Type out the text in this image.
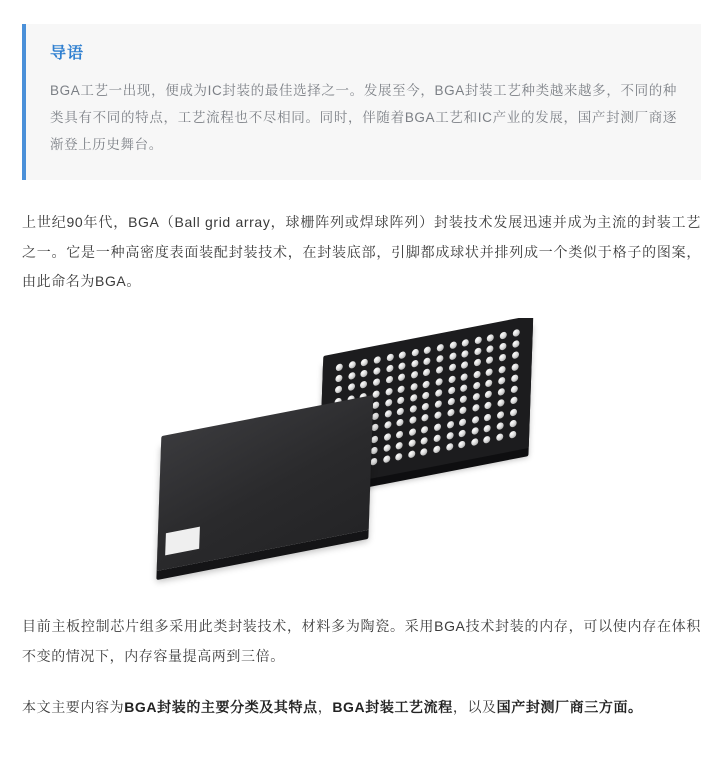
导语
BGA工艺一出现，便成为IC封装的最佳选择之一。发展至今，BGA封装工艺种类越来越多，不同的种类具有不同的特点，工艺流程也不尽相同。同时，伴随着BGA工艺和IC产业的发展，国产封测厂商逐渐登上历史舞台。

上世纪90年代，BGA（Ball grid array，球栅阵列或焊球阵列）封装技术发展迅速并成为主流的封装工艺之一。它是一种高密度表面装配封装技术，在封装底部，引脚都成球状并排列成一个类似于格子的图案，由此命名为BGA。

目前主板控制芯片组多采用此类封装技术，材料多为陶瓷。采用BGA技术封装的内存，可以使内存在体积不变的情况下，内存容量提高两到三倍。

本文主要内容为BGA封装的主要分类及其特点，BGA封装工艺流程，以及国产封测厂商三方面。
